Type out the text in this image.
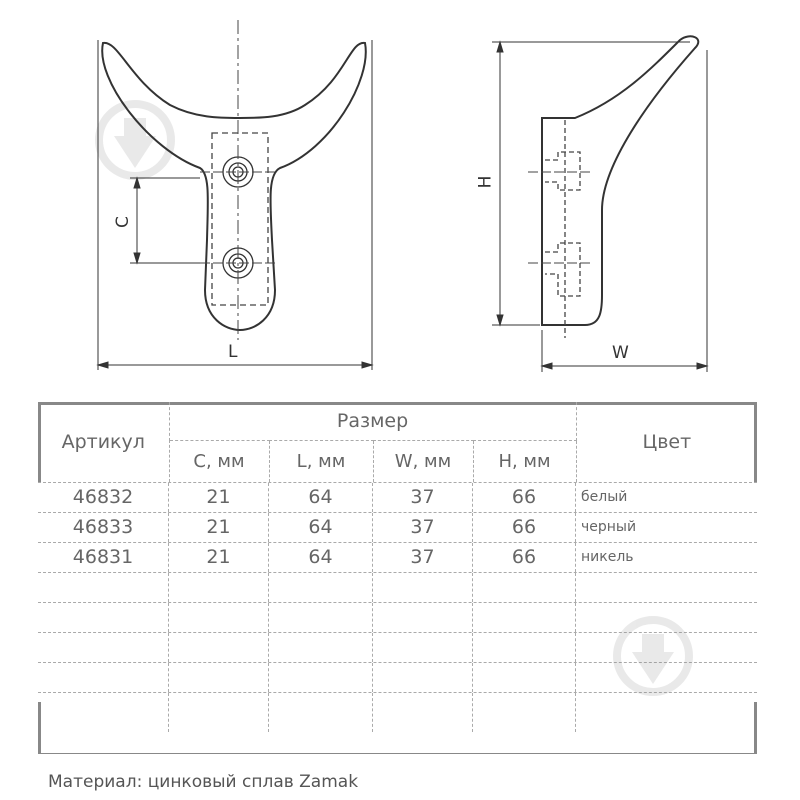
C
L
H
W
Артикул	Размер				Цвет
	C, мм	L, мм	W, мм	H, мм	
46832	21	64	37	66	белый
46833	21	64	37	66	черный
46831	21	64	37	66	никель
Материал: цинковый сплав Zamak
